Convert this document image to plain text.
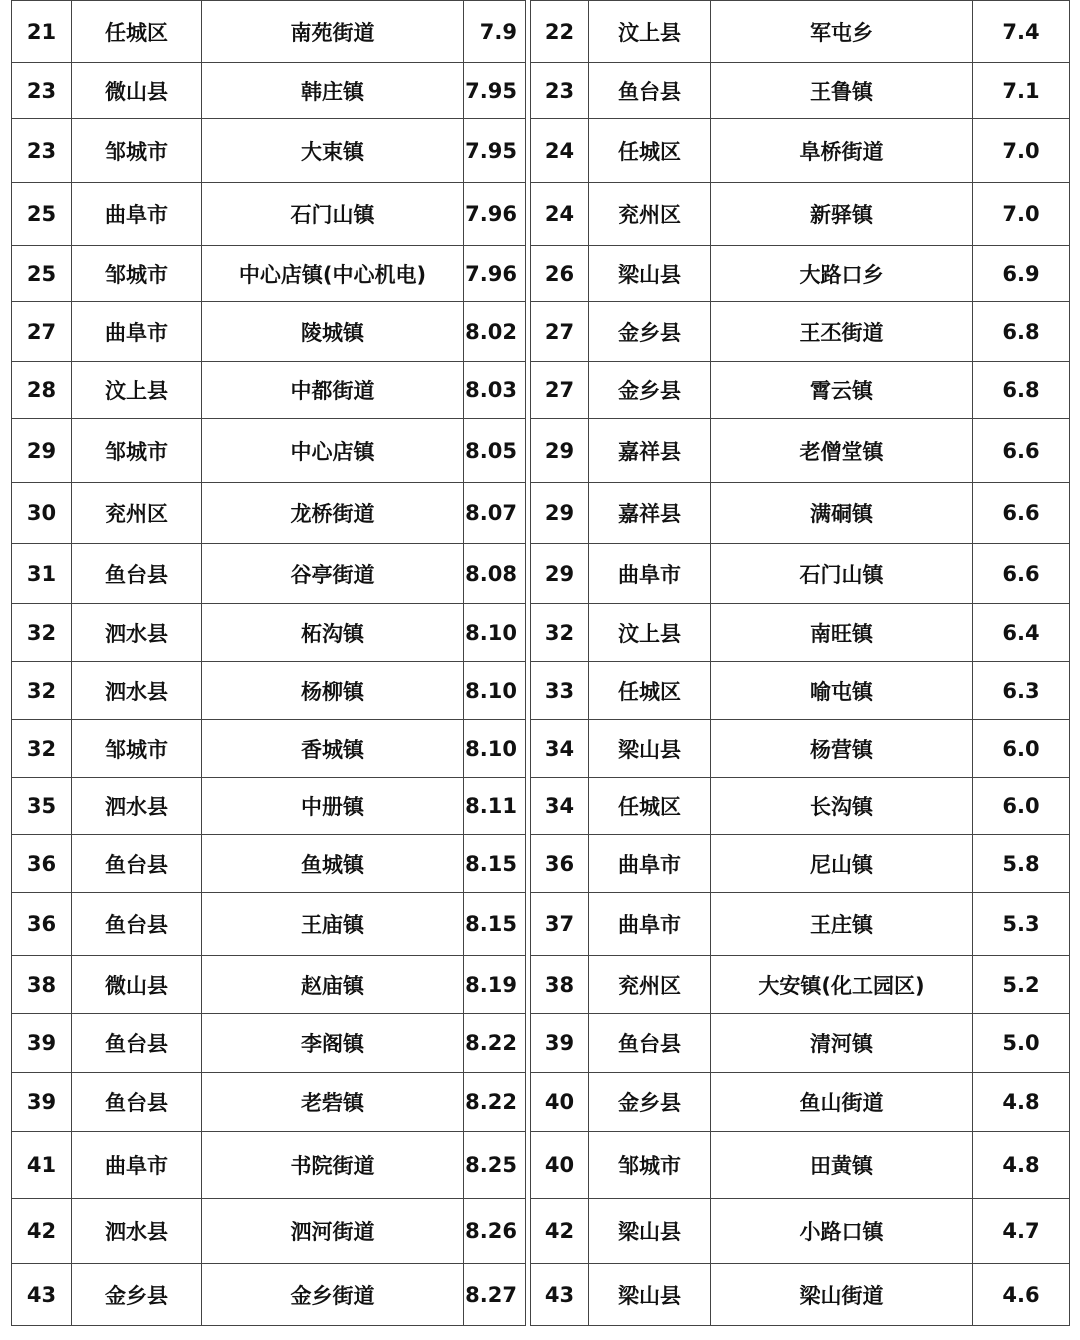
21	任城区	南苑街道	7.9
23	微山县	韩庄镇	7.95
23	邹城市	大束镇	7.95
25	曲阜市	石门山镇	7.96
25	邹城市	中心店镇(中心机电)	7.96
27	曲阜市	陵城镇	8.02
28	汶上县	中都街道	8.03
29	邹城市	中心店镇	8.05
30	兖州区	龙桥街道	8.07
31	鱼台县	谷亭街道	8.08
32	泗水县	柘沟镇	8.10
32	泗水县	杨柳镇	8.10
32	邹城市	香城镇	8.10
35	泗水县	中册镇	8.11
36	鱼台县	鱼城镇	8.15
36	鱼台县	王庙镇	8.15
38	微山县	赵庙镇	8.19
39	鱼台县	李阁镇	8.22
39	鱼台县	老砦镇	8.22
41	曲阜市	书院街道	8.25
42	泗水县	泗河街道	8.26
43	金乡县	金乡街道	8.27
22	汶上县	军屯乡	7.4
23	鱼台县	王鲁镇	7.1
24	任城区	阜桥街道	7.0
24	兖州区	新驿镇	7.0
26	梁山县	大路口乡	6.9
27	金乡县	王丕街道	6.8
27	金乡县	霄云镇	6.8
29	嘉祥县	老僧堂镇	6.6
29	嘉祥县	满硐镇	6.6
29	曲阜市	石门山镇	6.6
32	汶上县	南旺镇	6.4
33	任城区	喻屯镇	6.3
34	梁山县	杨营镇	6.0
34	任城区	长沟镇	6.0
36	曲阜市	尼山镇	5.8
37	曲阜市	王庄镇	5.3
38	兖州区	大安镇(化工园区)	5.2
39	鱼台县	清河镇	5.0
40	金乡县	鱼山街道	4.8
40	邹城市	田黄镇	4.8
42	梁山县	小路口镇	4.7
43	梁山县	梁山街道	4.6
